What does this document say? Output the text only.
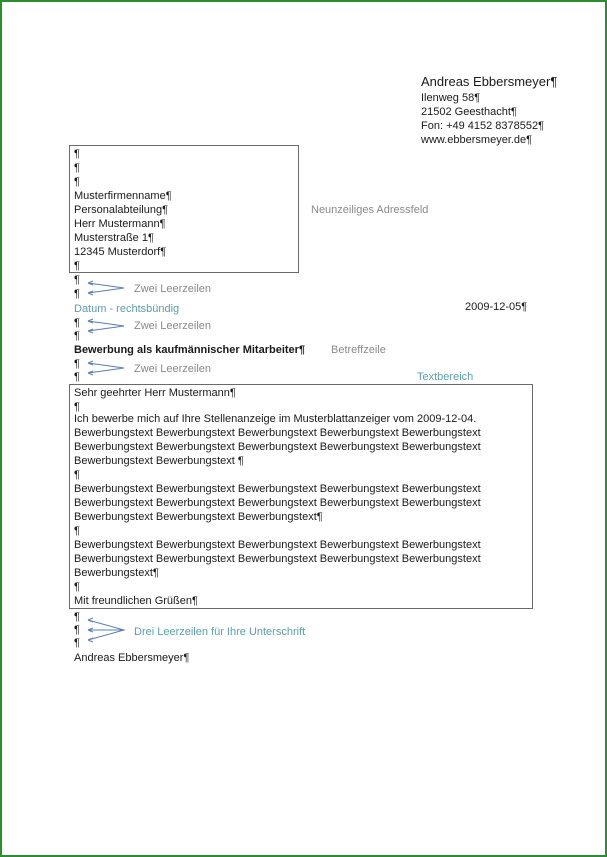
Andreas Ebbersmeyer¶
Ilenweg 58¶
21502 Geesthacht¶
Fon: +49 4152 8378552¶
www.ebbersmeyer.de¶
¶
¶
¶
Musterfirmenname¶
Personalabteilung¶
Herr Mustermann¶
Musterstraße 1¶
12345 Musterdorf¶
¶
Neunzeiliges Adressfeld
¶
¶	Zwei Leerzeilen
Datum - rechtsbündig	2009-12-05¶
¶
¶
Zwei Leerzeilen
Bewerbung als kaufmännischer Mitarbeiter¶ Betreffzeile
¶
¶
Zwei Leerzeilen
Textbereich
Sehr geehrter Herr Mustermann¶
¶
Ich bewerbe mich auf Ihre Stellenanzeige im Musterblattanzeiger vom 2009-12-04.
Bewerbungstext Bewerbungstext Bewerbungstext Bewerbungstext Bewerbungstext
Bewerbungstext Bewerbungstext Bewerbungstext Bewerbungstext Bewerbungstext
Bewerbungstext Bewerbungstext ¶
¶
Bewerbungstext Bewerbungstext Bewerbungstext Bewerbungstext Bewerbungstext
Bewerbungstext Bewerbungstext Bewerbungstext Bewerbungstext Bewerbungstext
Bewerbungstext Bewerbungstext Bewerbungstext¶
¶
Bewerbungstext Bewerbungstext Bewerbungstext Bewerbungstext Bewerbungstext
Bewerbungstext Bewerbungstext Bewerbungstext Bewerbungstext Bewerbungstext
Bewerbungstext¶
¶
Mit freundlichen Grüßen¶
¶
¶
¶
Drei Leerzeilen für Ihre Unterschrift
Andreas Ebbersmeyer¶
